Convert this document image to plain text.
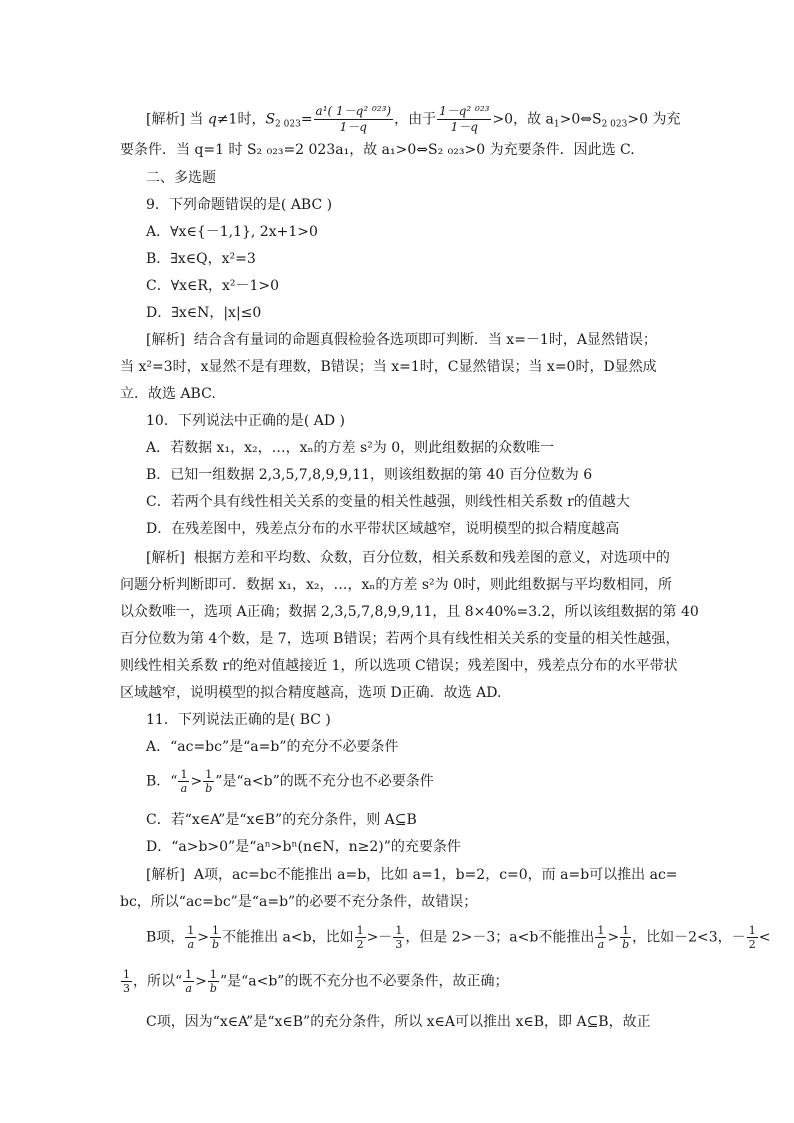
[解析] 当 q≠1时，$S_{2 023}= \frac{\text{a¹( 1－q² ⁰²³)}}{1-q}$ ，由于 $\frac{\text{1－q² ⁰²³}}{1-q} >0$，故 $a_1>0\Leftrightarrow S_{2 023}>0$ 为充
要条件．当 q=1 时 S₂ ₀₂₃=2 023a₁，故 a₁>0⇔S₂ ₀₂₃>0 为充要条件．因此选 C.
二、多选题
9．下列命题错误的是( ABC )
A．∀x∈{－1,1}, 2x+1>0
B．∃x∈Q，x²=3
C．∀x∈R，x²－1>0
D．∃x∈N，|x|≤0
[解析] 结合含有量词的命题真假检验各选项即可判断．当 x=－1时，A显然错误；
当 x²=3时，x显然不是有理数，B错误；当 x=1时，C显然错误；当 x=0时，D显然成
立．故选 ABC.
10．下列说法中正确的是( AD )
A．若数据 x₁，x₂，…，xₙ的方差 s²为 0，则此组数据的众数唯一
B．已知一组数据 2,3,5,7,8,9,9,11，则该组数据的第 40 百分位数为 6
C．若两个具有线性相关关系的变量的相关性越强，则线性相关系数 r的值越大
D．在残差图中，残差点分布的水平带状区域越窄，说明模型的拟合精度越高
[解析] 根据方差和平均数、众数，百分位数，相关系数和残差图的意义，对选项中的
问题分析判断即可．数据 x₁，x₂，…，xₙ的方差 s²为 0时，则此组数据与平均数相同，所
以众数唯一，选项 A正确；数据 2,3,5,7,8,9,9,11，且 8×40%=3.2，所以该组数据的第 40
百分位数为第 4个数，是 7，选项 B错误；若两个具有线性相关关系的变量的相关性越强，
则线性相关系数 r的绝对值越接近 1，所以选项 C错误；残差图中，残差点分布的水平带状
区域越窄，说明模型的拟合精度越高，选项 D正确．故选 AD.
11．下列说法正确的是( BC )
A．“ac=bc”是“a=b”的充分不必要条件
B．“ $\frac{1}{a} > \frac{1}{b}$ ”是“a<b”的既不充分也不必要条件
C．若“x∈A”是“x∈B”的充分条件，则 A⊆B
D．“a>b>0”是“aⁿ>bⁿ(n∈N，n≥2)”的充要条件
[解析] A项，ac=bc不能推出 a=b，比如 a=1，b=2，c=0，而 a=b可以推出 ac=
bc，所以“ac=bc”是“a=b”的必要不充分条件，故错误；
B项， $\frac{1}{a} > \frac{1}{b}$ 不能推出 a<b，比如 $\frac{1}{2} >- \frac{1}{3}$ ，但是 2>－3；a<b不能推出 $\frac{1}{a} > \frac{1}{b}$ ，比如－2<3，－ $\frac{1}{2}$ <
$\frac{1}{3}$ ，所以“ $\frac{1}{a} > \frac{1}{b}$ ”是“a<b”的既不充分也不必要条件，故正确；
C项，因为“x∈A”是“x∈B”的充分条件，所以 x∈A可以推出 x∈B，即 A⊆B，故正
